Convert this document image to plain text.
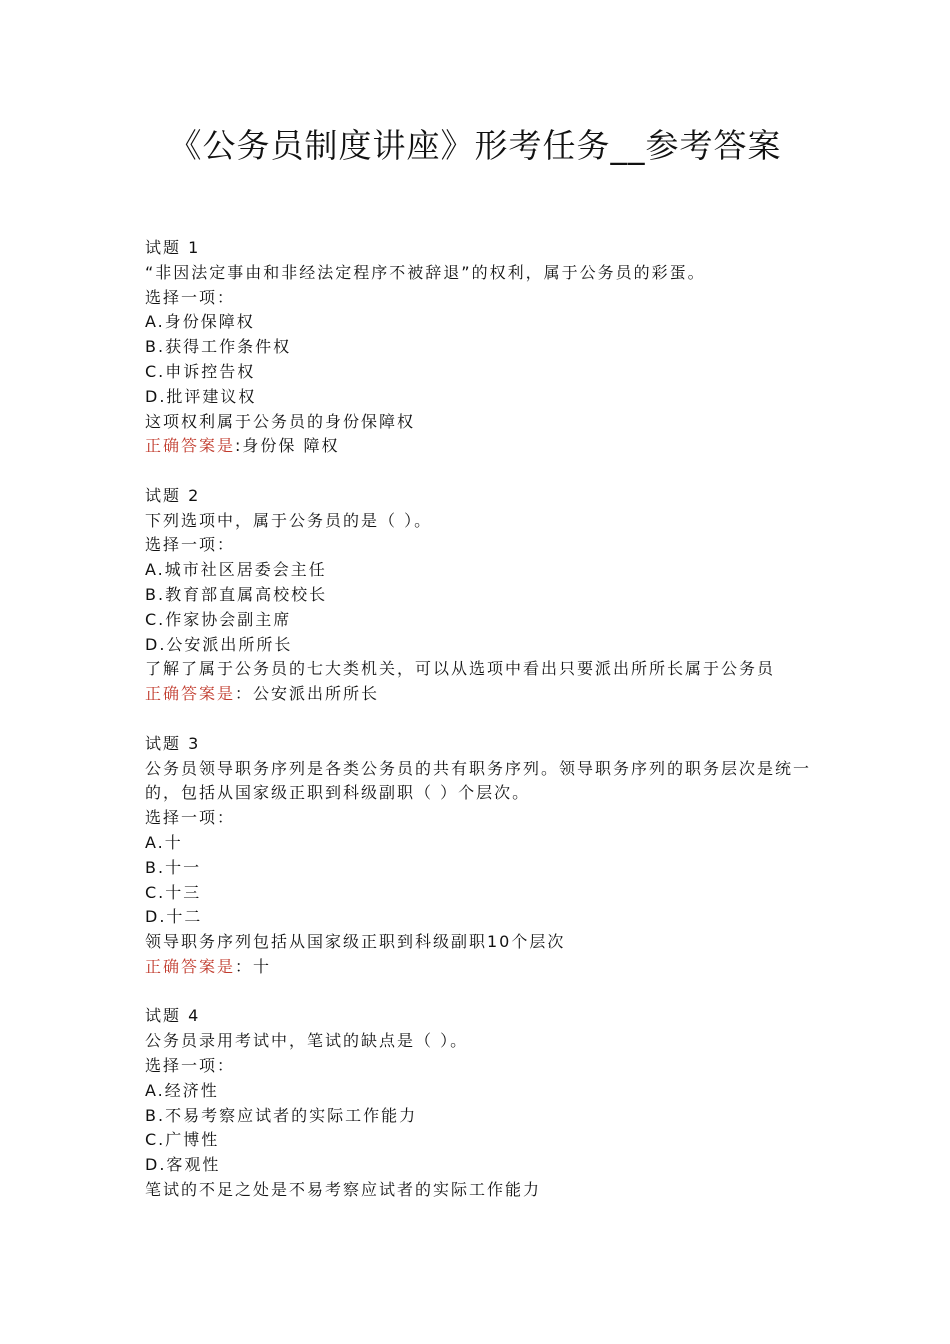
《公务员制度讲座》形考任务__参考答案
试题 1
“非因法定事由和非经法定程序不被辞退”的权利，属于公务员的彩蛋。
选择一项：
A.身份保障权
B.获得工作条件权
C.申诉控告权
D.批评建议权
这项权利属于公务员的身份保障权
正确答案是:身份保 障权
试题 2
下列选项中，属于公务员的是（ ）。
选择一项：
A.城市社区居委会主任
B.教育部直属高校校长
C.作家协会副主席
D.公安派出所所长
了解了属于公务员的七大类机关，可以从选项中看出只要派出所所长属于公务员
正确答案是：公安派出所所长
试题 3
公务员领导职务序列是各类公务员的共有职务序列。领导职务序列的职务层次是统一的，包括从国家级正职到科级副职（ ）个层次。
选择一项：
A.十
B.十一
C.十三
D.十二
领导职务序列包括从国家级正职到科级副职10个层次
正确答案是：十
试题 4
公务员录用考试中，笔试的缺点是（ ）。
选择一项：
A.经济性
B.不易考察应试者的实际工作能力
C.广博性
D.客观性
笔试的不足之处是不易考察应试者的实际工作能力
